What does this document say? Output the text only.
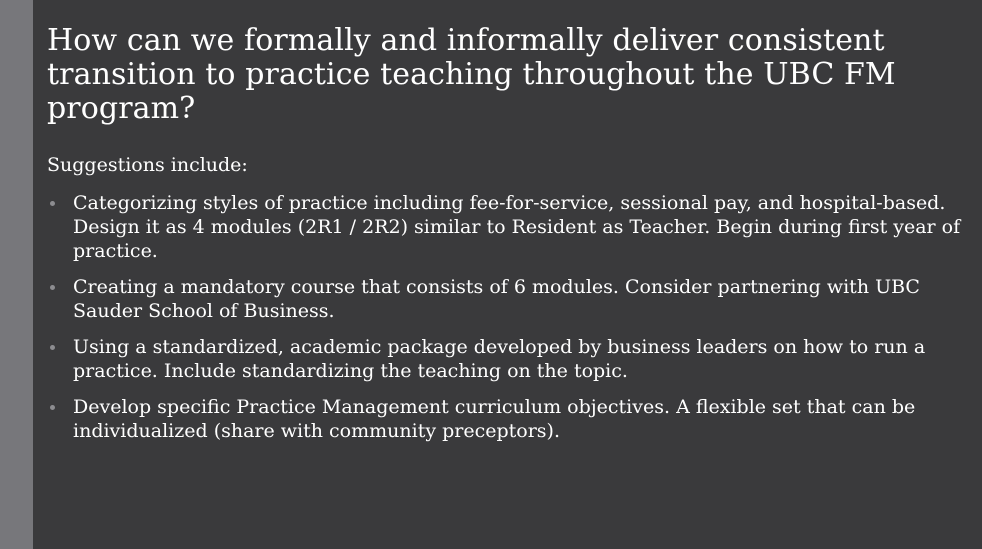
How can we formally and informally deliver consistent transition to practice teaching throughout the UBC FM program?

Suggestions include:

Categorizing styles of practice including fee-for-service, sessional pay, and hospital-based. Design it as 4 modules (2R1 / 2R2) similar to Resident as Teacher. Begin during first year of practice.
Creating a mandatory course that consists of 6 modules. Consider partnering with UBC Sauder School of Business.
Using a standardized, academic package developed by business leaders on how to run a practice. Include standardizing the teaching on the topic.
Develop specific Practice Management curriculum objectives. A flexible set that can be individualized (share with community preceptors).
